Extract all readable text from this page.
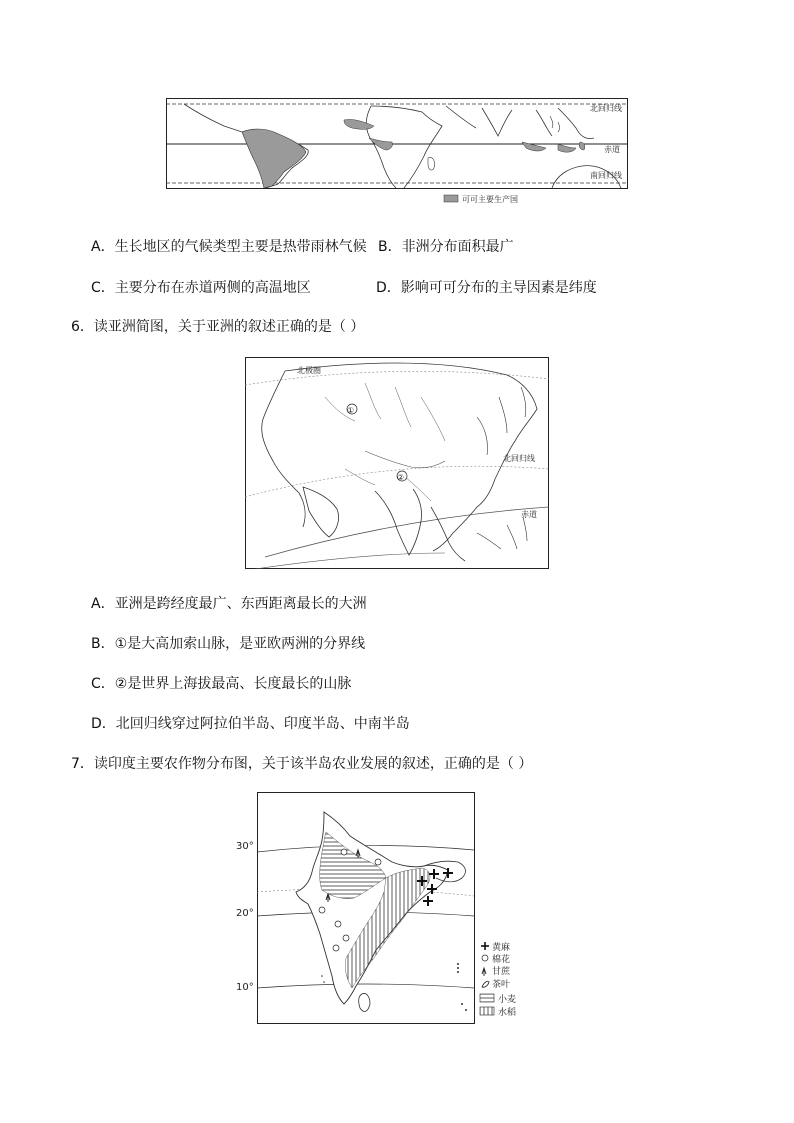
北回归线
赤道
南回归线
可可主要生产国
A．生长地区的气候类型主要是热带雨林气候 B．非洲分布面积最广
C．主要分布在赤道两侧的高温地区	D．影响可可分布的主导因素是纬度
6．读亚洲简图，关于亚洲的叙述正确的是（ ）
①
②
北极圈
北回归线
赤道
A．亚洲是跨经度最广、东西距离最长的大洲
B．①是大高加索山脉，是亚欧两洲的分界线
C．②是世界上海拔最高、长度最长的山脉
D．北回归线穿过阿拉伯半岛、印度半岛、中南半岛
7．读印度主要农作物分布图，关于该半岛农业发展的叙述，正确的是（ ）
30°
20°
10°
黄麻
棉花
甘蔗
茶叶
小麦
水稻
